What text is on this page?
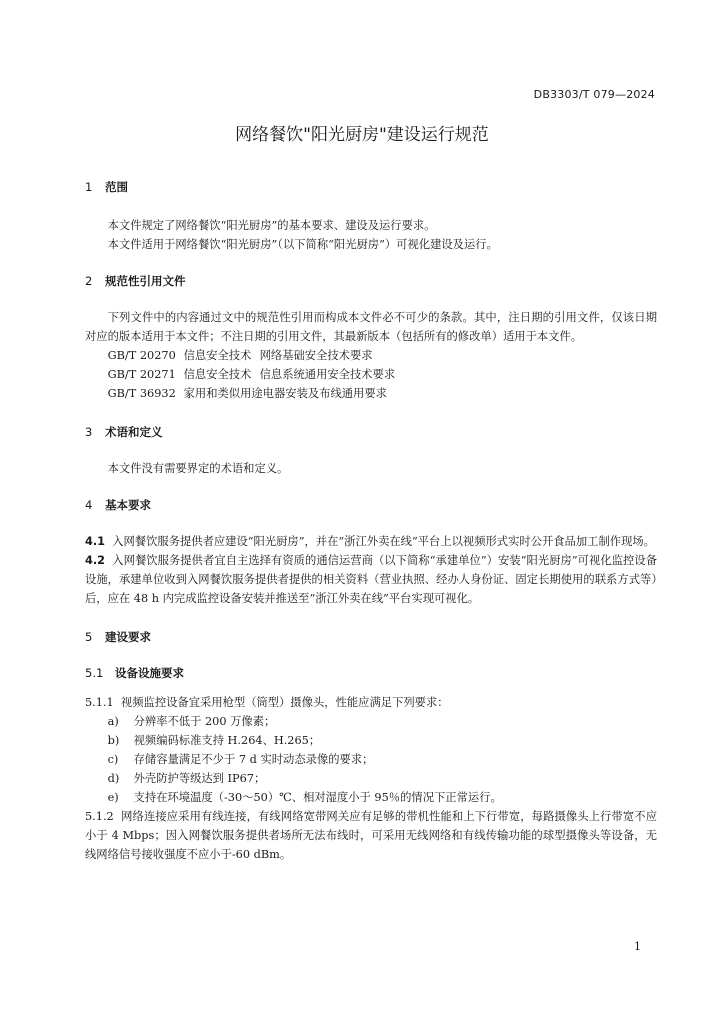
DB3303/T 079—2024
网络餐饮"阳光厨房"建设运行规范
1 范围

本文件规定了网络餐饮“阳光厨房”的基本要求、建设及运行要求。

本文件适用于网络餐饮“阳光厨房”（以下简称“阳光厨房”）可视化建设及运行。

2 规范性引用文件

下列文件中的内容通过文中的规范性引用而构成本文件必不可少的条款。其中，注日期的引用文件，仅该日期对应的版本适用于本文件；不注日期的引用文件，其最新版本（包括所有的修改单）适用于本文件。

GB/T 20270 信息安全技术 网络基础安全技术要求
GB/T 20271 信息安全技术 信息系统通用安全技术要求
GB/T 36932 家用和类似用途电器安装及布线通用要求
3 术语和定义

本文件没有需要界定的术语和定义。

4 基本要求

4.1 入网餐饮服务提供者应建设“阳光厨房”，并在“浙江外卖在线”平台上以视频形式实时公开食品加工制作现场。

4.2 入网餐饮服务提供者宜自主选择有资质的通信运营商（以下简称“承建单位”）安装“阳光厨房”可视化监控设备设施，承建单位收到入网餐饮服务提供者提供的相关资料（营业执照、经办人身份证、固定长期使用的联系方式等）后，应在 48 h 内完成监控设备安装并推送至“浙江外卖在线”平台实现可视化。

5 建设要求
5.1 设备设施要求

5.1.1 视频监控设备宜采用枪型（筒型）摄像头，性能应满足下列要求：

a) 分辨率不低于 200 万像素；
b) 视频编码标准支持 H.264、H.265；
c) 存储容量满足不少于 7 d 实时动态录像的要求；
d) 外壳防护等级达到 IP67；
e) 支持在环境温度（-30～50）℃、相对湿度小于 95％的情况下正常运行。

5.1.2 网络连接应采用有线连接，有线网络宽带网关应有足够的带机性能和上下行带宽，每路摄像头上行带宽不应小于 4 Mbps；因入网餐饮服务提供者场所无法布线时，可采用无线网络和有线传输功能的球型摄像头等设备，无线网络信号接收强度不应小于-60 dBm。

1
